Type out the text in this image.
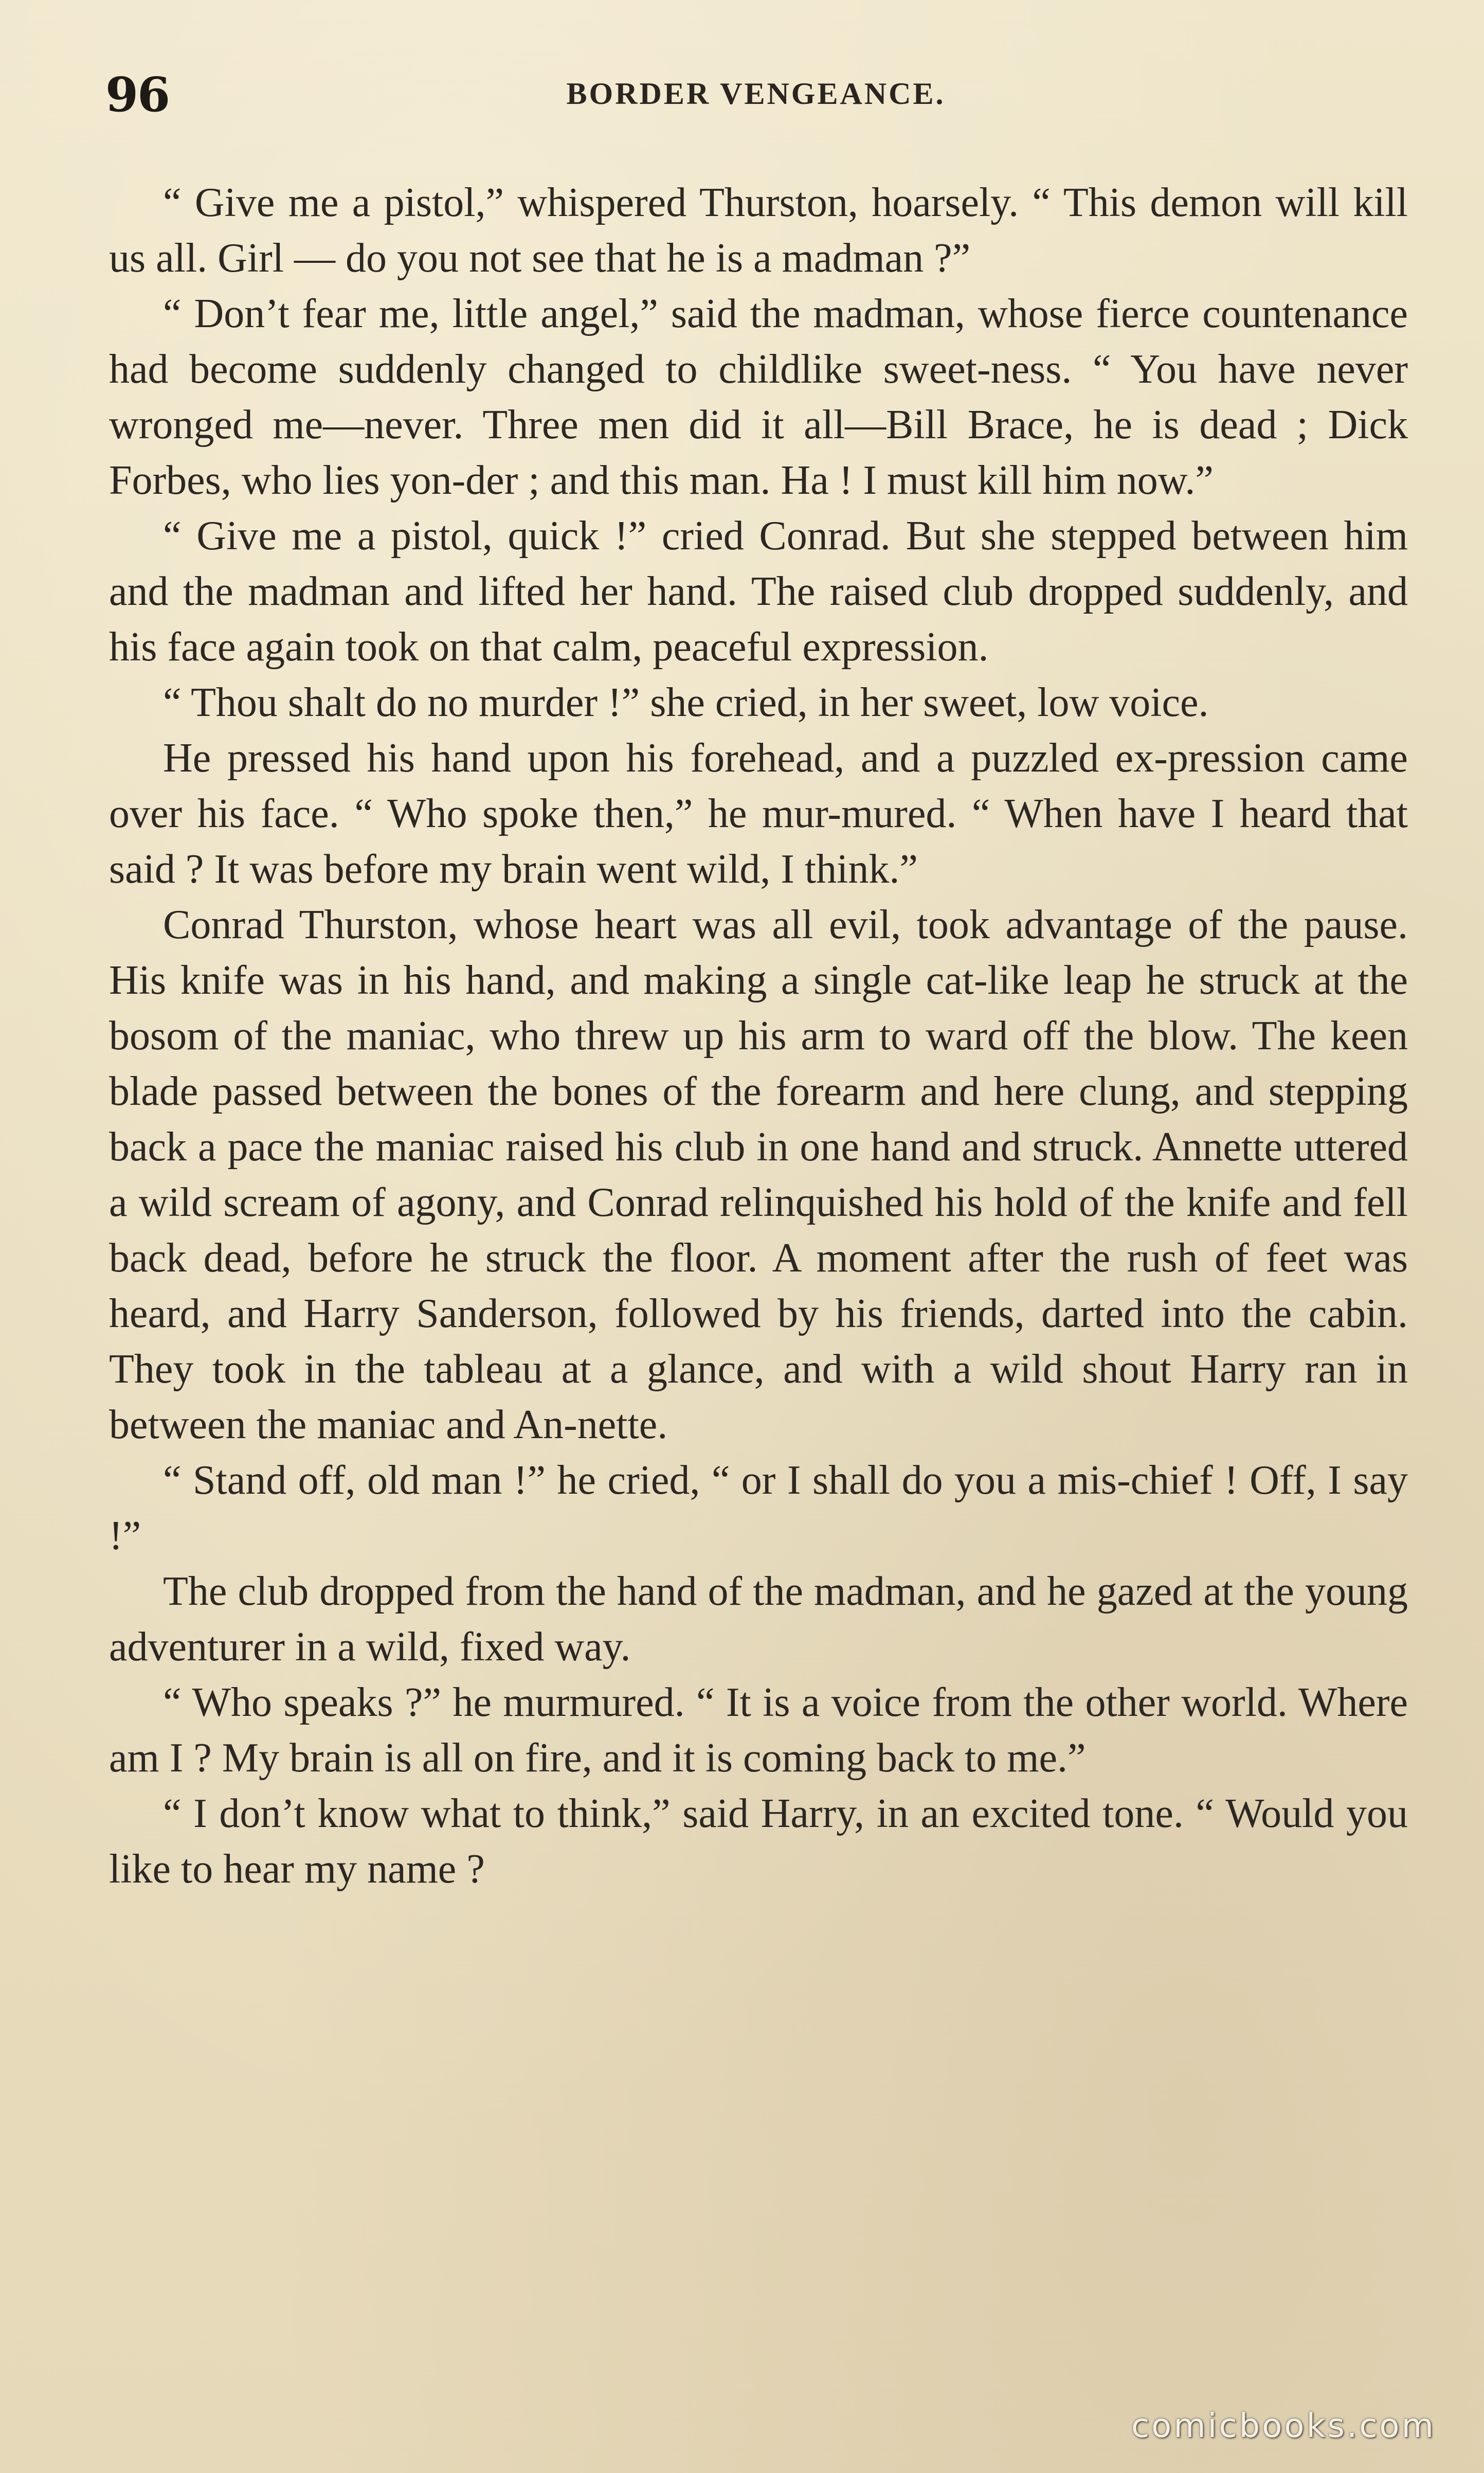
96	BORDER VENGEANCE.

“ Give me a pistol,” whispered Thurston, hoarsely. “ This demon will kill us all. Girl — do you not see that he is a madman ?”

“ Don’t fear me, little angel,” said the madman, whose fierce countenance had become suddenly changed to childlike sweet-ness. “ You have never wronged me—never. Three men did it all—Bill Brace, he is dead ; Dick Forbes, who lies yon-der ; and this man. Ha ! I must kill him now.”

“ Give me a pistol, quick !” cried Conrad. But she stepped between him and the madman and lifted her hand. The raised club dropped suddenly, and his face again took on that calm, peaceful expression.

“ Thou shalt do no murder !” she cried, in her sweet, low voice.

He pressed his hand upon his forehead, and a puzzled ex-pression came over his face. “ Who spoke then,” he mur-mured. “ When have I heard that said ? It was before my brain went wild, I think.”

Conrad Thurston, whose heart was all evil, took advantage of the pause. His knife was in his hand, and making a single cat-like leap he struck at the bosom of the maniac, who threw up his arm to ward off the blow. The keen blade passed between the bones of the forearm and here clung, and stepping back a pace the maniac raised his club in one hand and struck. Annette uttered a wild scream of agony, and Conrad relinquished his hold of the knife and fell back dead, before he struck the floor. A moment after the rush of feet was heard, and Harry Sanderson, followed by his friends, darted into the cabin. They took in the tableau at a glance, and with a wild shout Harry ran in between the maniac and An-nette.

“ Stand off, old man !” he cried, “ or I shall do you a mis-chief ! Off, I say !”

The club dropped from the hand of the madman, and he gazed at the young adventurer in a wild, fixed way.

“ Who speaks ?” he murmured. “ It is a voice from the other world. Where am I ? My brain is all on fire, and it is coming back to me.”

“ I don’t know what to think,” said Harry, in an excited tone. “ Would you like to hear my name ?

comicbooks.com
